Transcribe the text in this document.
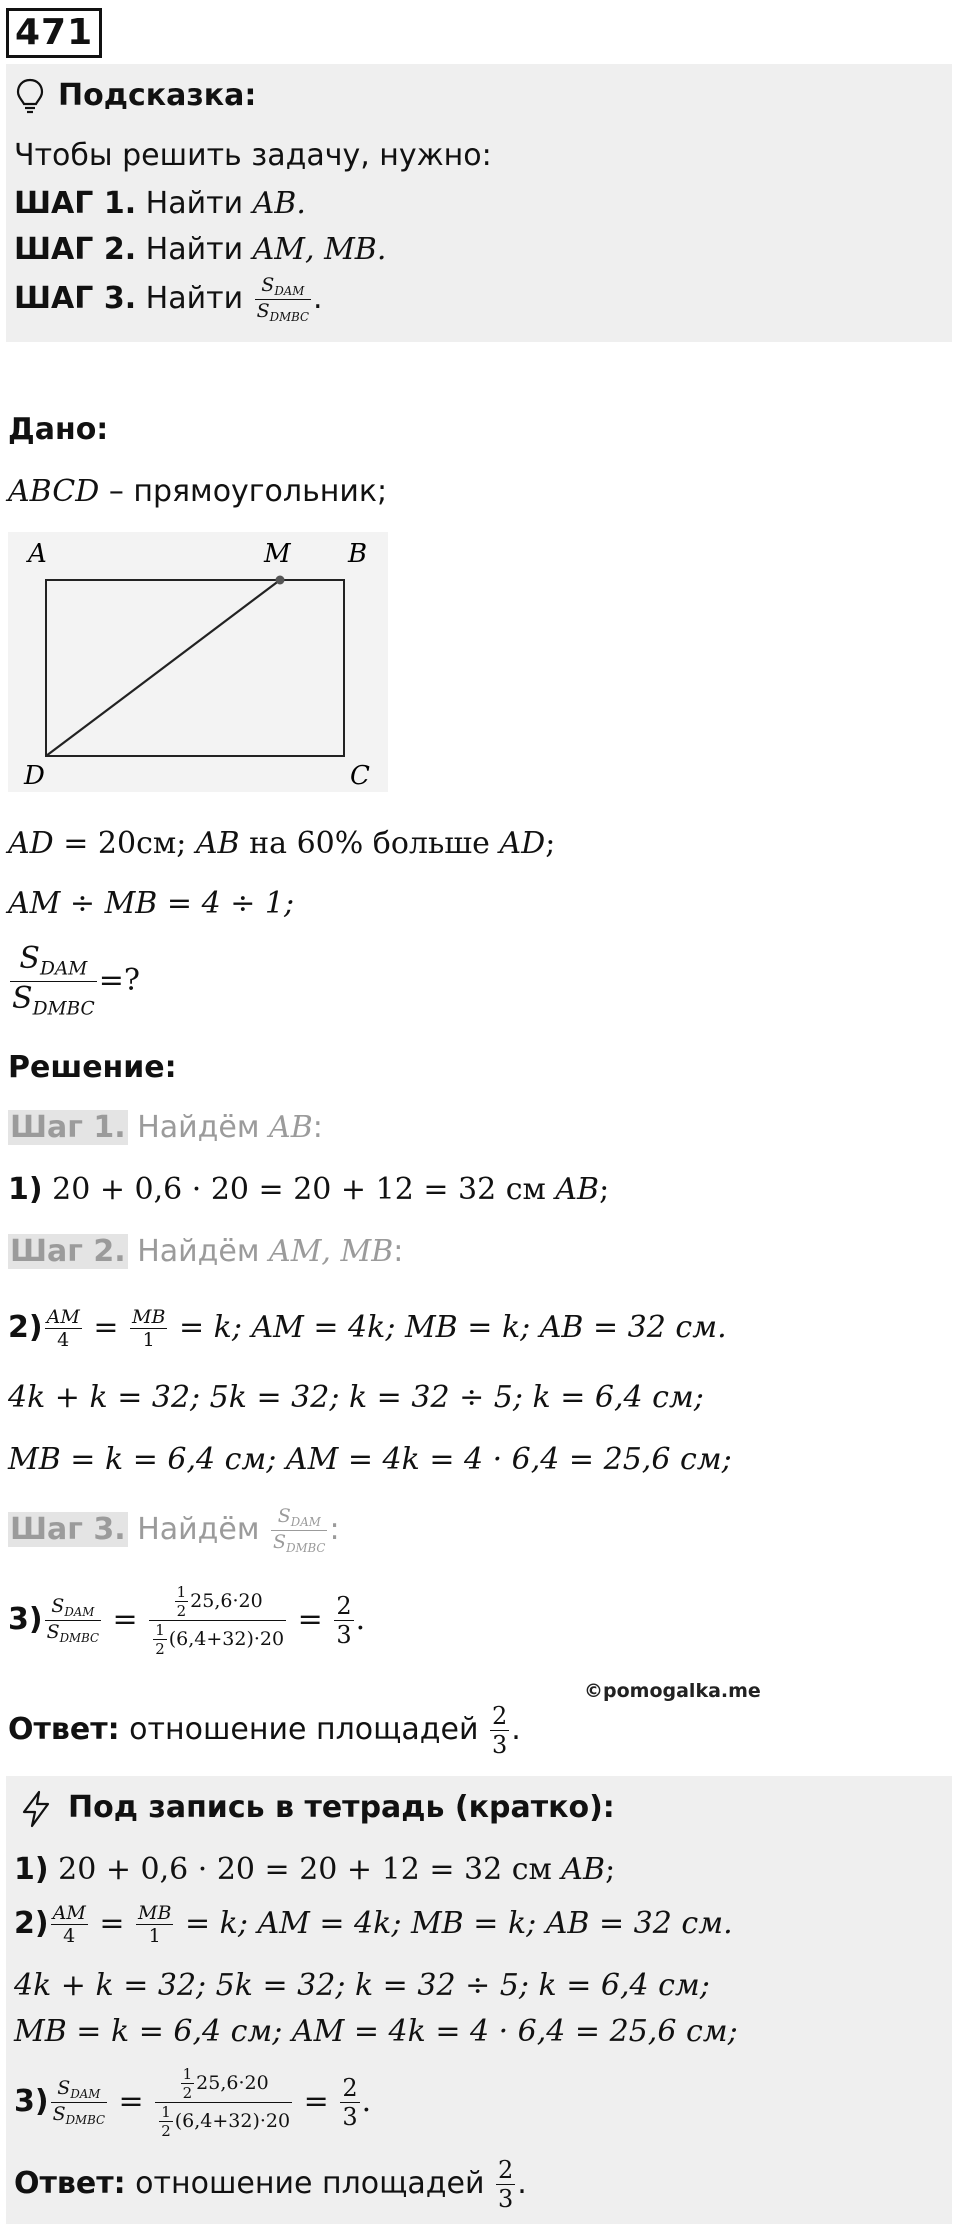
471
Подсказка:
Чтобы решить задачу, нужно:
ШАГ 1. Найти AB.
ШАГ 2. Найти AM, MB.
ШАГ 3. Найти $\frac{S_{DAM}}{S_{DMBC}}$ .
Дано:
ABCD – прямоугольник;
A	M B
C
D
AD = 20см; AB на 60% больше AD;
AM ÷ MB = 4 ÷ 1;
$\frac{S_{DAM}}{S_{DMBC}}$ =?
Решение:
Шаг 1. Найдём AB:
1) 20 + 0,6 · 20 = 20 + 12 = 32 см AB;
Шаг 2. Найдём AM, MB:
$2) \frac{AM}{4} = \frac{MB}{1} = k$; AM = 4k; MB = k; AB = 32 см.
4k + k = 32; 5k = 32; k = 32 ÷ 5; k = 6,4 см;
MB = k = 6,4 см; AM = 4k = 4 · 6,4 = 25,6 см;
Шаг 3. Найдём $\frac{S_{DAM}}{S_{DMBC}}$ :
$3) \frac{S_{DAM}}{S_{DMBC}} = \frac{\frac{1}{2} 25,6\cdot 20}{\frac{1}{2} (6,4+32)\cdot 20} = \frac{2}{3}$ .
©pomogalka.me
Ответ: отношение площадей $\frac{2}{3}$ .
Под запись в тетрадь (кратко):
1) 20 + 0,6 · 20 = 20 + 12 = 32 см AB;
$2) \frac{AM}{4} = \frac{MB}{1} = k$; AM = 4k; MB = k; AB = 32 см.
4k + k = 32; 5k = 32; k = 32 ÷ 5; k = 6,4 см;
MB = k = 6,4 см; AM = 4k = 4 · 6,4 = 25,6 см;
$3) \frac{S_{DAM}}{S_{DMBC}} = \frac{\frac{1}{2} 25,6\cdot 20}{\frac{1}{2} (6,4+32)\cdot 20} = \frac{2}{3}$ .
Ответ: отношение площадей $\frac{2}{3}$ .
